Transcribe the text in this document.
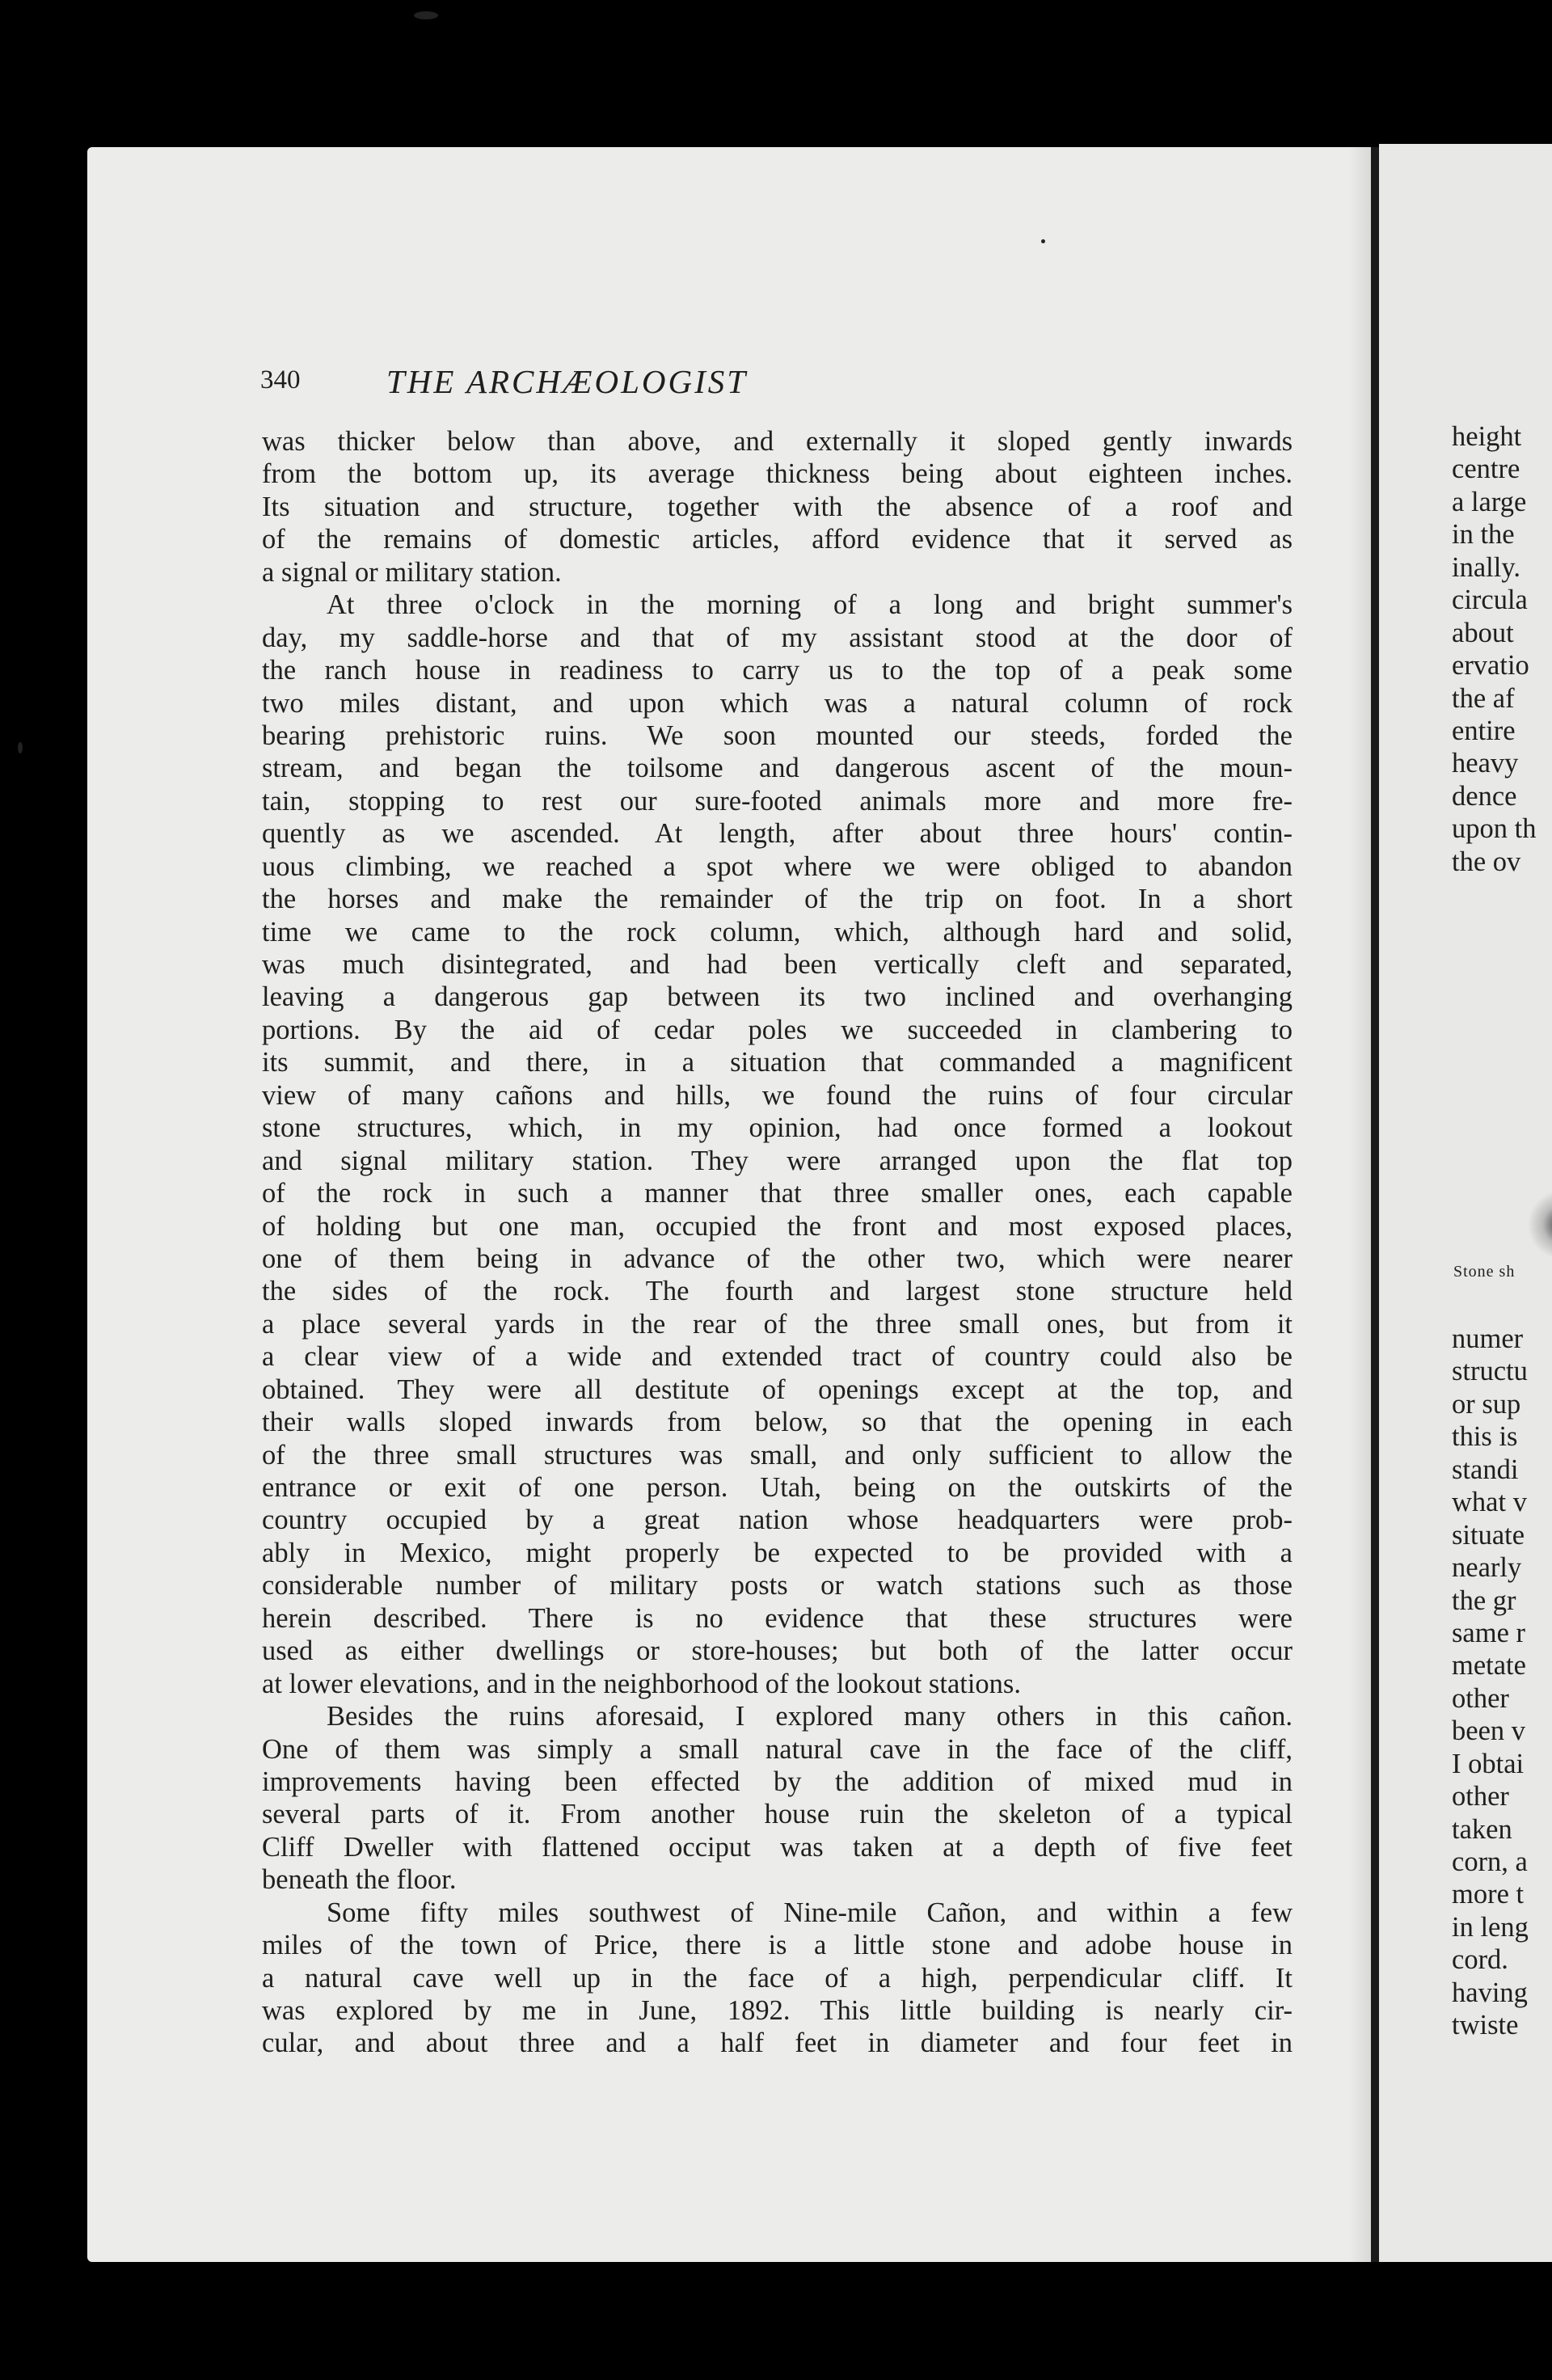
height
centre
a large
in the
inally.
circula
about
ervatio
the af
entire
heavy
dence
upon th
the ov
Stone sh
numer
structu
or sup
this is
standi
what v
situate
nearly
the gr
same r
metate
other
been v
I obtai
other
taken
corn, a
more t
in leng
cord.
having
twiste
340	THE ARCHÆOLOGIST
was thicker below than above, and externally it sloped gently inwards
from the bottom up, its average thickness being about eighteen inches.
Its situation and structure, together with the absence of a roof and
of the remains of domestic articles, afford evidence that it served as
a signal or military station.
At three o'clock in the morning of a long and bright summer's
day, my saddle-horse and that of my assistant stood at the door of
the ranch house in readiness to carry us to the top of a peak some
two miles distant, and upon which was a natural column of rock
bearing prehistoric ruins. We soon mounted our steeds, forded the
stream, and began the toilsome and dangerous ascent of the moun-
tain, stopping to rest our sure-footed animals more and more fre-
quently as we ascended. At length, after about three hours' contin-
uous climbing, we reached a spot where we were obliged to abandon
the horses and make the remainder of the trip on foot. In a short
time we came to the rock column, which, although hard and solid,
was much disintegrated, and had been vertically cleft and separated,
leaving a dangerous gap between its two inclined and overhanging
portions. By the aid of cedar poles we succeeded in clambering to
its summit, and there, in a situation that commanded a magnificent
view of many cañons and hills, we found the ruins of four circular
stone structures, which, in my opinion, had once formed a lookout
and signal military station. They were arranged upon the flat top
of the rock in such a manner that three smaller ones, each capable
of holding but one man, occupied the front and most exposed places,
one of them being in advance of the other two, which were nearer
the sides of the rock. The fourth and largest stone structure held
a place several yards in the rear of the three small ones, but from it
a clear view of a wide and extended tract of country could also be
obtained. They were all destitute of openings except at the top, and
their walls sloped inwards from below, so that the opening in each
of the three small structures was small, and only sufficient to allow the
entrance or exit of one person. Utah, being on the outskirts of the
country occupied by a great nation whose headquarters were prob-
ably in Mexico, might properly be expected to be provided with a
considerable number of military posts or watch stations such as those
herein described. There is no evidence that these structures were
used as either dwellings or store-houses; but both of the latter occur
at lower elevations, and in the neighborhood of the lookout stations.
Besides the ruins aforesaid, I explored many others in this cañon.
One of them was simply a small natural cave in the face of the cliff,
improvements having been effected by the addition of mixed mud in
several parts of it. From another house ruin the skeleton of a typical
Cliff Dweller with flattened occiput was taken at a depth of five feet
beneath the floor.
Some fifty miles southwest of Nine-mile Cañon, and within a few
miles of the town of Price, there is a little stone and adobe house in
a natural cave well up in the face of a high, perpendicular cliff. It
was explored by me in June, 1892. This little building is nearly cir-
cular, and about three and a half feet in diameter and four feet in
